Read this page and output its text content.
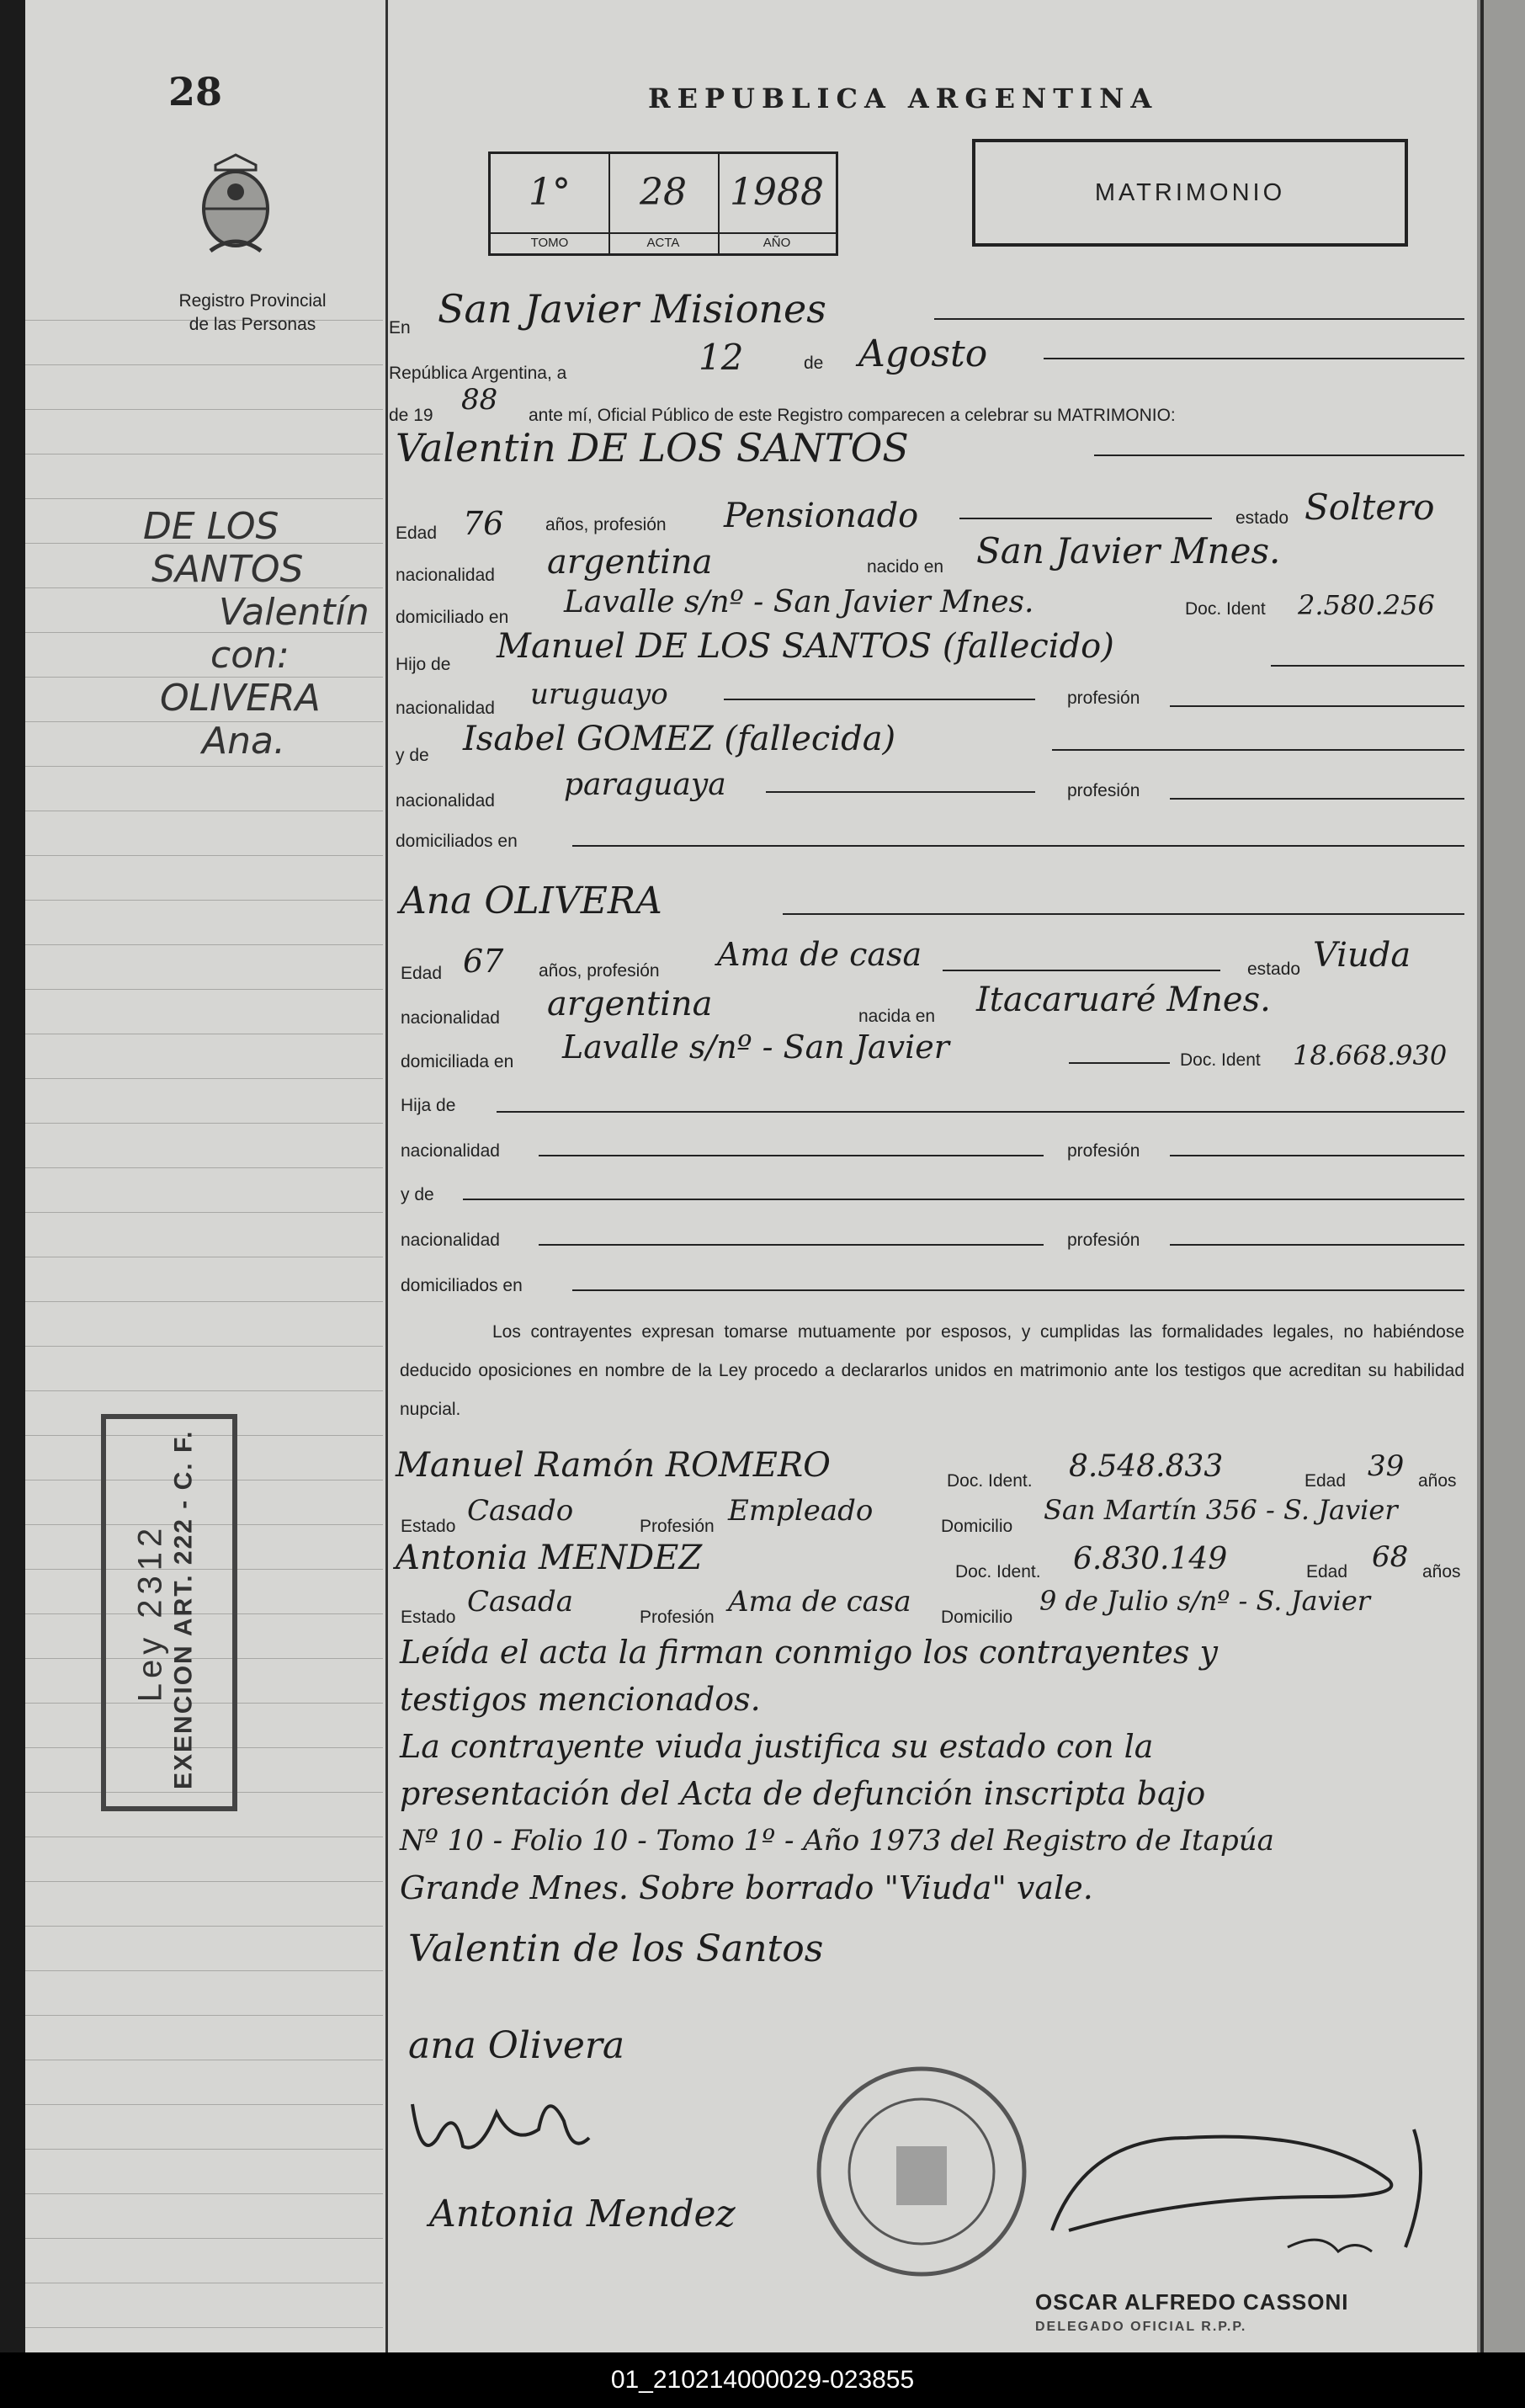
28
Registro Provincial
de las Personas
REPUBLICA ARGENTINA
1°
TOMO
28
ACTA
1988
AÑO
MATRIMONIO
En San Javier Misiones
República Argentina, a	12	de Agosto
de 19 88 ante mí, Oficial Público de este Registro comparecen a celebrar su MATRIMONIO:
Valentin DE LOS SANTOS
Edad 76 años, profesión Pensionado	estado Soltero
nacionalidad argentina	nacido en San Javier Mnes.
domiciliado en Lavalle s/nº - San Javier Mnes.	Doc. Ident 2.580.256
Hijo de Manuel DE LOS SANTOS (fallecido)
nacionalidad uruguayo	profesión
y de Isabel GOMEZ (fallecida)
nacionalidad paraguaya	profesión
domiciliados en
Ana OLIVERA
Edad 67 años, profesión Ama de casa	estado Viuda
nacionalidad argentina	nacida en Itacaruaré Mnes.
domiciliada en Lavalle s/nº - San Javier	Doc. Ident 18.668.930
Hija de
nacionalidad	profesión
y de
nacionalidad	profesión
domiciliados en
Los contrayentes expresan tomarse mutuamente por esposos, y cumplidas las formalidades legales, no habiéndose deducido oposiciones en nombre de la Ley procedo a declararlos unidos en matrimonio ante los testigos que acreditan su habilidad nupcial.
Manuel Ramón ROMERO	Doc. Ident. 8.548.833	Edad 39 años
Estado Casado	Profesión Empleado	Domicilio
San Martín 356 - S. Javier
Antonia MENDEZ	Doc. Ident. 6.830.149	Edad 68 años
Estado Casada	Profesión Ama de casa Domicilio
9 de Julio s/nº - S. Javier
Leída el acta la firman conmigo los contrayentes y
testigos mencionados.
La contrayente viuda justifica su estado con la
presentación del Acta de defunción inscripta bajo
Nº 10 - Folio 10 - Tomo 1º - Año 1973 del Registro de Itapúa
Grande Mnes. Sobre borrado "Viuda" vale.
Valentin de los Santos
ana Olivera
Antonia Mendez
OSCAR ALFREDO CASSONI
DELEGADO OFICIAL R.P.P.
DE LOS
SANTOS
Valentín
con:
OLIVERA
Ana.
Ley 2312 EXENCION ART. 222 - C. F.
01_210214000029-023855
